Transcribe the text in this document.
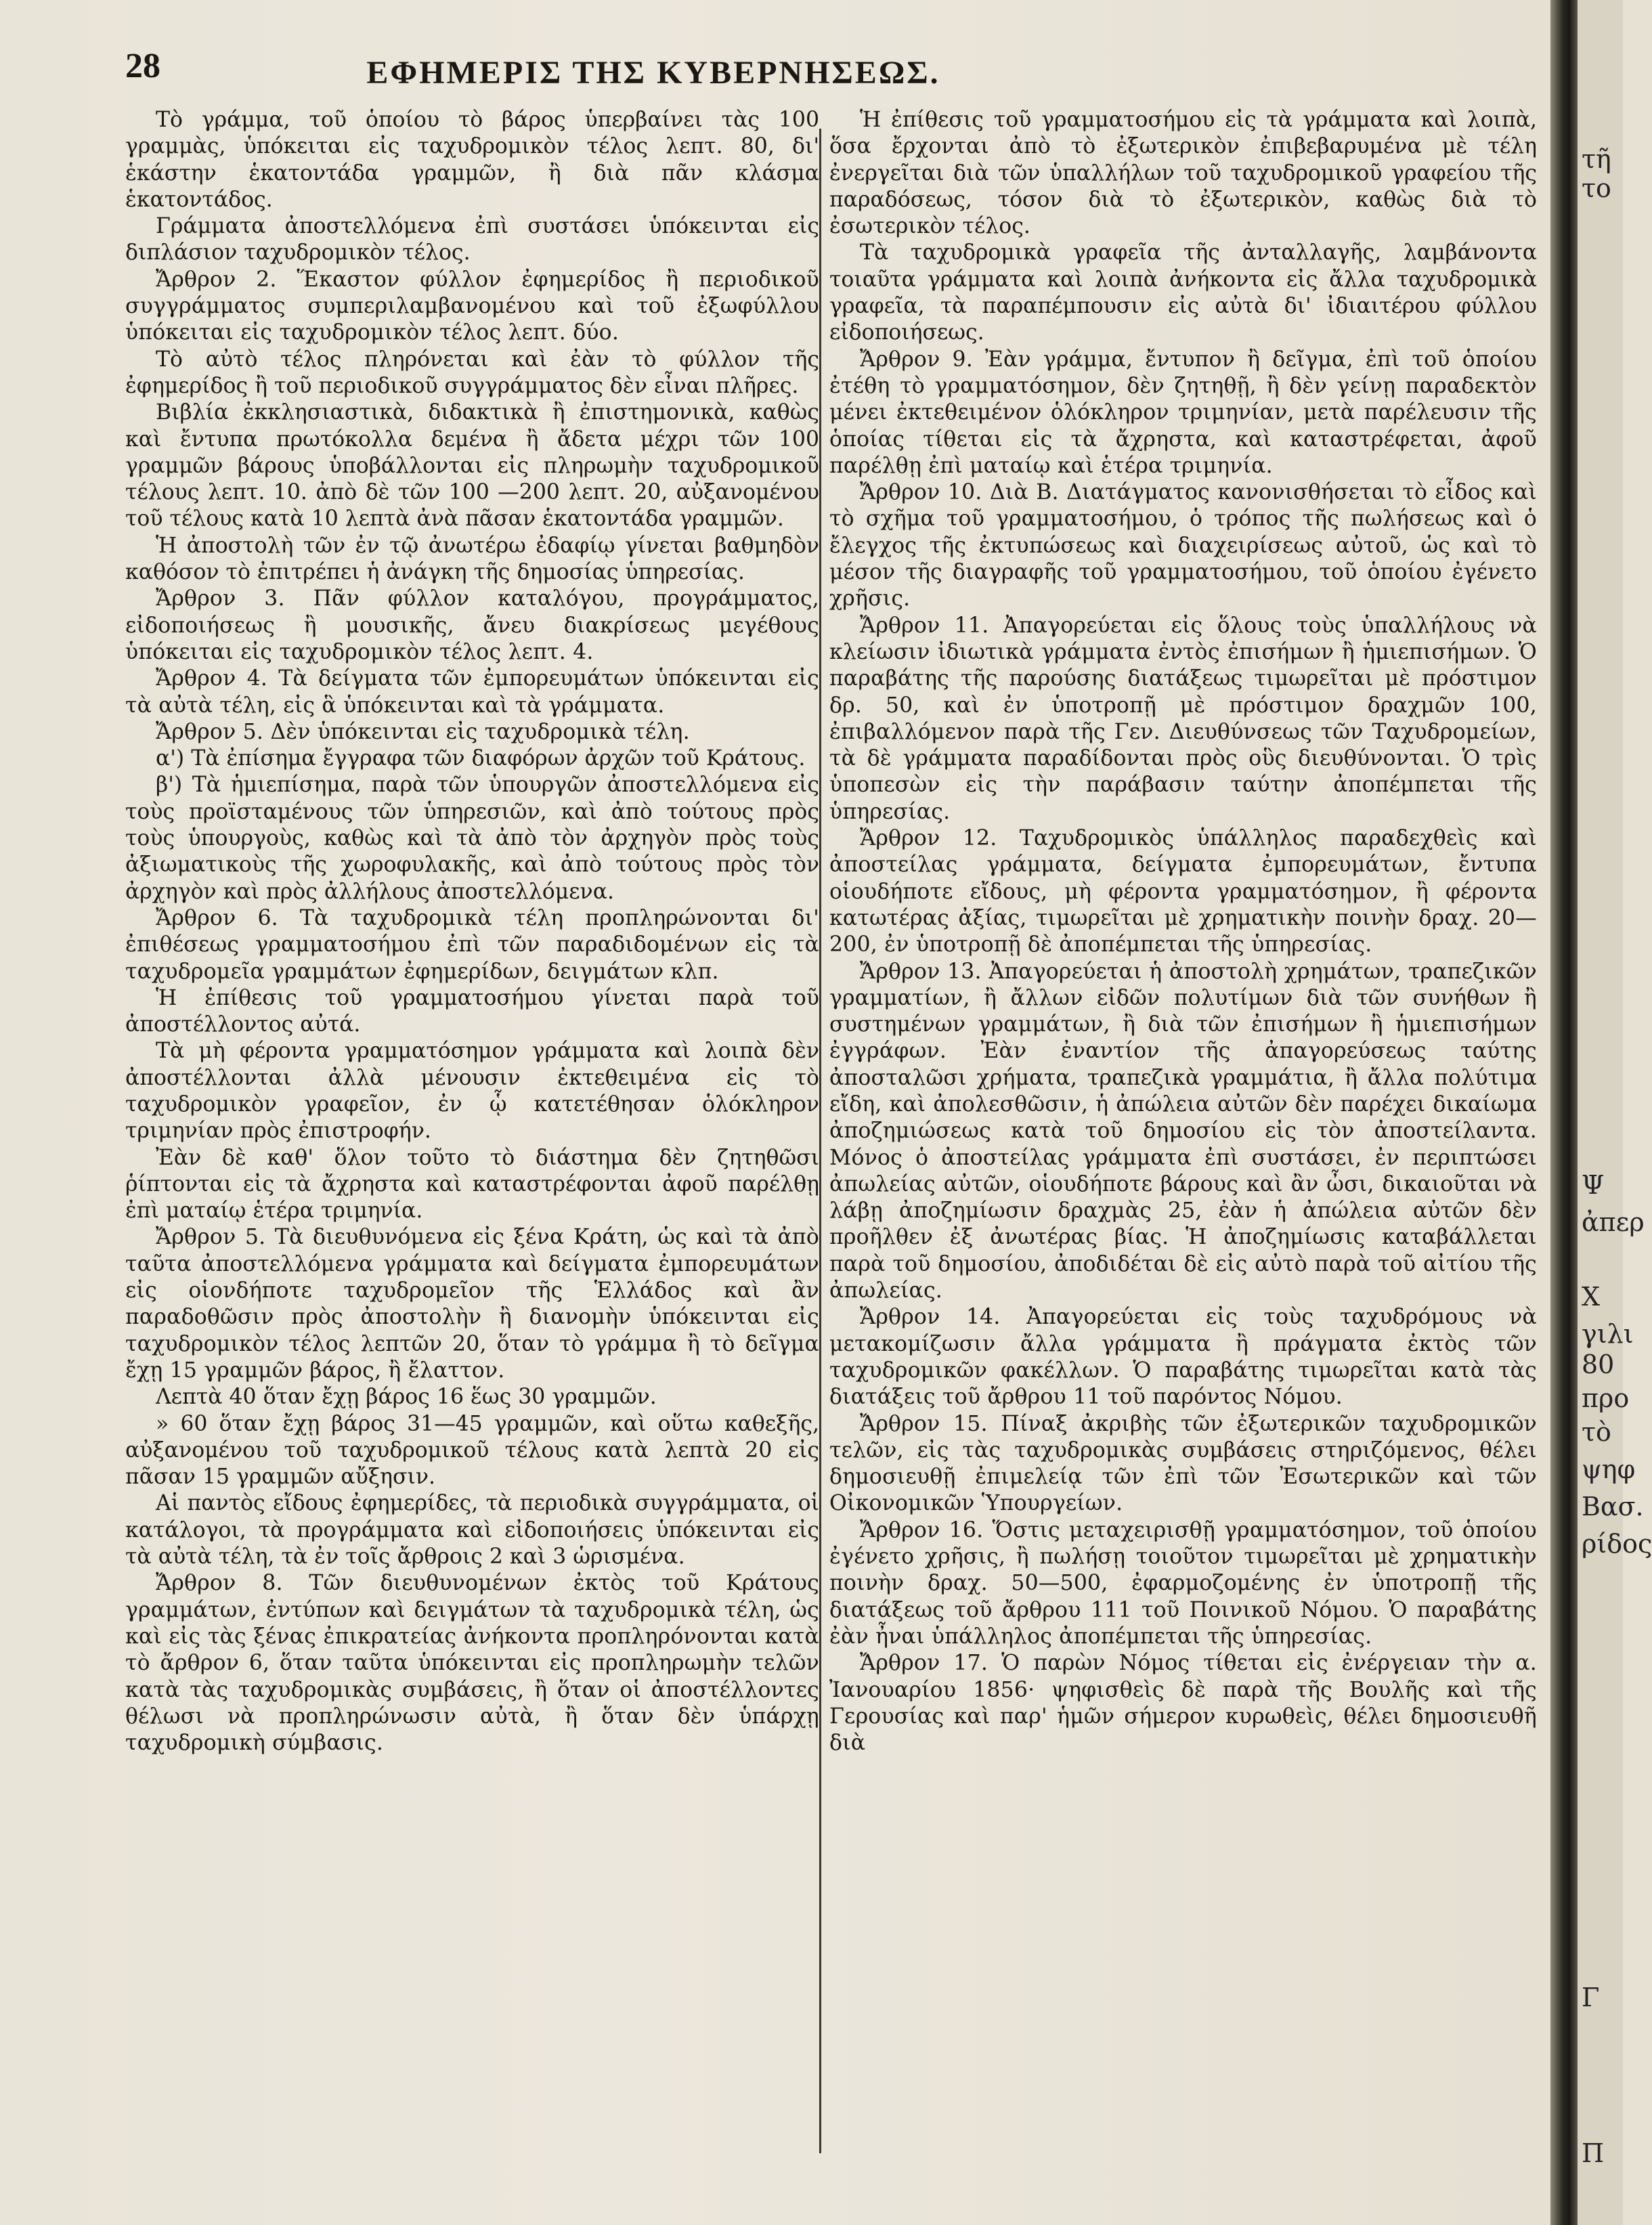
28	ΕΦΗΜΕΡΙΣ ΤΗΣ ΚΥΒΕΡΝΗΣΕΩΣ.

Τὸ γράμμα, τοῦ ὁποίου τὸ βάρος ὑπερβαίνει τὰς 100 γραμμὰς, ὑπόκειται εἰς ταχυδρομικὸν τέλος λεπτ. 80, δι' ἑκάστην ἑκατοντάδα γραμμῶν, ἢ διὰ πᾶν κλάσμα ἑκατοντάδος.

Γράμματα ἀποστελλόμενα ἐπὶ συστάσει ὑπόκεινται εἰς διπλάσιον ταχυδρομικὸν τέλος.

Ἄρθρον 2. Ἕκαστον φύλλον ἐφημερίδος ἢ περιοδικοῦ συγγράμματος συμπεριλαμβανομένου καὶ τοῦ ἐξωφύλλου ὑπόκειται εἰς ταχυδρομικὸν τέλος λεπτ. δύο.

Τὸ αὐτὸ τέλος πληρόνεται καὶ ἐὰν τὸ φύλλον τῆς ἐφημερίδος ἢ τοῦ περιοδικοῦ συγγράμματος δὲν εἶναι πλῆρες.

Βιβλία ἐκκλησιαστικὰ, διδακτικὰ ἢ ἐπιστημονικὰ, καθὼς καὶ ἔντυπα πρωτόκολλα δεμένα ἢ ἄδετα μέχρι τῶν 100 γραμμῶν βάρους ὑποβάλλονται εἰς πληρωμὴν ταχυδρομικοῦ τέλους λεπτ. 10. ἀπὸ δὲ τῶν 100 —200 λεπτ. 20, αὐξανομένου τοῦ τέλους κατὰ 10 λεπτὰ ἀνὰ πᾶσαν ἑκατοντάδα γραμμῶν.

Ἡ ἀποστολὴ τῶν ἐν τῷ ἀνωτέρω ἐδαφίῳ γίνεται βαθμηδὸν καθόσον τὸ ἐπιτρέπει ἡ ἀνάγκη τῆς δημοσίας ὑπηρεσίας.

Ἄρθρον 3. Πᾶν φύλλον καταλόγου, προγράμματος, εἰδοποιήσεως ἢ μουσικῆς, ἄνευ διακρίσεως μεγέθους ὑπόκειται εἰς ταχυδρομικὸν τέλος λεπτ. 4.

Ἄρθρον 4. Τὰ δείγματα τῶν ἐμπορευμάτων ὑπόκεινται εἰς τὰ αὐτὰ τέλη, εἰς ἃ ὑπόκεινται καὶ τὰ γράμματα.

Ἄρθρον 5. Δὲν ὑπόκεινται εἰς ταχυδρομικὰ τέλη.

α') Τὰ ἐπίσημα ἔγγραφα τῶν διαφόρων ἀρχῶν τοῦ Κράτους.

β') Τὰ ἡμιεπίσημα, παρὰ τῶν ὑπουργῶν ἀποστελλόμενα εἰς τοὺς προϊσταμένους τῶν ὑπηρεσιῶν, καὶ ἀπὸ τούτους πρὸς τοὺς ὑπουργοὺς, καθὼς καὶ τὰ ἀπὸ τὸν ἀρχηγὸν πρὸς τοὺς ἀξιωματικοὺς τῆς χωροφυλακῆς, καὶ ἀπὸ τούτους πρὸς τὸν ἀρχηγὸν καὶ πρὸς ἀλλήλους ἀποστελλόμενα.

Ἄρθρον 6. Τὰ ταχυδρομικὰ τέλη προπληρώνονται δι' ἐπιθέσεως γραμματοσήμου ἐπὶ τῶν παραδιδομένων εἰς τὰ ταχυδρομεῖα γραμμάτων ἐφημερίδων, δειγμάτων κλπ.

Ἡ ἐπίθεσις τοῦ γραμματοσήμου γίνεται παρὰ τοῦ ἀποστέλλοντος αὐτά.

Τὰ μὴ φέροντα γραμματόσημον γράμματα καὶ λοιπὰ δὲν ἀποστέλλονται ἀλλὰ μένουσιν ἐκτεθειμένα εἰς τὸ ταχυδρομικὸν γραφεῖον, ἐν ᾧ κατετέθησαν ὁλόκληρον τριμηνίαν πρὸς ἐπιστροφήν.

Ἐὰν δὲ καθ' ὅλον τοῦτο τὸ διάστημα δὲν ζητηθῶσι ῥίπτονται εἰς τὰ ἄχρηστα καὶ καταστρέφονται ἀφοῦ παρέλθῃ ἐπὶ ματαίῳ ἑτέρα τριμηνία.

Ἄρθρον 5. Τὰ διευθυνόμενα εἰς ξένα Κράτη, ὡς καὶ τὰ ἀπὸ ταῦτα ἀποστελλόμενα γράμματα καὶ δείγματα ἐμπορευμάτων εἰς οἱονδήποτε ταχυδρομεῖον τῆς Ἑλλάδος καὶ ἂν παραδοθῶσιν πρὸς ἀποστολὴν ἢ διανομὴν ὑπόκεινται εἰς ταχυδρομικὸν τέλος λεπτῶν 20, ὅταν τὸ γράμμα ἢ τὸ δεῖγμα ἔχῃ 15 γραμμῶν βάρος, ἢ ἔλαττον.

Λεπτὰ 40 ὅταν ἔχῃ βάρος 16 ἕως 30 γραμμῶν.

» 60 ὅταν ἔχῃ βάρος 31—45 γραμμῶν, καὶ οὕτω καθεξῆς, αὐξανομένου τοῦ ταχυδρομικοῦ τέλους κατὰ λεπτὰ 20 εἰς πᾶσαν 15 γραμμῶν αὔξησιν.

Αἱ παντὸς εἴδους ἐφημερίδες, τὰ περιοδικὰ συγγράμματα, οἱ κατάλογοι, τὰ προγράμματα καὶ εἰδοποιήσεις ὑπόκεινται εἰς τὰ αὐτὰ τέλη, τὰ ἐν τοῖς ἄρθροις 2 καὶ 3 ὡρισμένα.

Ἄρθρον 8. Τῶν διευθυνομένων ἐκτὸς τοῦ Κράτους γραμμάτων, ἐντύπων καὶ δειγμάτων τὰ ταχυδρομικὰ τέλη, ὡς καὶ εἰς τὰς ξένας ἐπικρατείας ἀνήκοντα προπληρόνονται κατὰ τὸ ἄρθρον 6, ὅταν ταῦτα ὑπόκεινται εἰς προπληρωμὴν τελῶν κατὰ τὰς ταχυδρομικὰς συμβάσεις, ἢ ὅταν οἱ ἀποστέλλοντες θέλωσι νὰ προπληρώνωσιν αὐτὰ, ἢ ὅταν δὲν ὑπάρχῃ ταχυδρομικὴ σύμβασις.

Ἡ ἐπίθεσις τοῦ γραμματοσήμου εἰς τὰ γράμματα καὶ λοιπὰ, ὅσα ἔρχονται ἀπὸ τὸ ἐξωτερικὸν ἐπιβεβαρυμένα μὲ τέλη ἐνεργεῖται διὰ τῶν ὑπαλλήλων τοῦ ταχυδρομικοῦ γραφείου τῆς παραδόσεως, τόσον διὰ τὸ ἐξωτερικὸν, καθὼς διὰ τὸ ἐσωτερικὸν τέλος.

Τὰ ταχυδρομικὰ γραφεῖα τῆς ἀνταλλαγῆς, λαμβάνοντα τοιαῦτα γράμματα καὶ λοιπὰ ἀνήκοντα εἰς ἄλλα ταχυδρομικὰ γραφεῖα, τὰ παραπέμπουσιν εἰς αὐτὰ δι' ἰδιαιτέρου φύλλου εἰδοποιήσεως.

Ἄρθρον 9. Ἐὰν γράμμα, ἔντυπον ἢ δεῖγμα, ἐπὶ τοῦ ὁποίου ἐτέθη τὸ γραμματόσημον, δὲν ζητηθῇ, ἢ δὲν γείνῃ παραδεκτὸν μένει ἐκτεθειμένον ὁλόκληρον τριμηνίαν, μετὰ παρέλευσιν τῆς ὁποίας τίθεται εἰς τὰ ἄχρηστα, καὶ καταστρέφεται, ἀφοῦ παρέλθῃ ἐπὶ ματαίῳ καὶ ἑτέρα τριμηνία.

Ἄρθρον 10. Διὰ Β. Διατάγματος κανονισθήσεται τὸ εἶδος καὶ τὸ σχῆμα τοῦ γραμματοσήμου, ὁ τρόπος τῆς πωλήσεως καὶ ὁ ἔλεγχος τῆς ἐκτυπώσεως καὶ διαχειρίσεως αὐτοῦ, ὡς καὶ τὸ μέσον τῆς διαγραφῆς τοῦ γραμματοσήμου, τοῦ ὁποίου ἐγένετο χρῆσις.

Ἄρθρον 11. Ἀπαγορεύεται εἰς ὅλους τοὺς ὑπαλλήλους νὰ κλείωσιν ἰδιωτικὰ γράμματα ἐντὸς ἐπισήμων ἢ ἡμιεπισήμων. Ὁ παραβάτης τῆς παρούσης διατάξεως τιμωρεῖται μὲ πρόστιμον δρ. 50, καὶ ἐν ὑποτροπῇ μὲ πρόστιμον δραχμῶν 100, ἐπιβαλλόμενον παρὰ τῆς Γεν. Διευθύνσεως τῶν Ταχυδρομείων, τὰ δὲ γράμματα παραδίδονται πρὸς οὓς διευθύνονται. Ὁ τρὶς ὑποπεσὼν εἰς τὴν παράβασιν ταύτην ἀποπέμπεται τῆς ὑπηρεσίας.

Ἄρθρον 12. Ταχυδρομικὸς ὑπάλληλος παραδεχθεὶς καὶ ἀποστείλας γράμματα, δείγματα ἐμπορευμάτων, ἔντυπα οἱουδήποτε εἴδους, μὴ φέροντα γραμματόσημον, ἢ φέροντα κατωτέρας ἀξίας, τιμωρεῖται μὲ χρηματικὴν ποινὴν δραχ. 20—200, ἐν ὑποτροπῇ δὲ ἀποπέμπεται τῆς ὑπηρεσίας.

Ἄρθρον 13. Ἀπαγορεύεται ἡ ἀποστολὴ χρημάτων, τραπεζικῶν γραμματίων, ἢ ἄλλων εἰδῶν πολυτίμων διὰ τῶν συνήθων ἢ συστημένων γραμμάτων, ἢ διὰ τῶν ἐπισήμων ἢ ἡμιεπισήμων ἐγγράφων. Ἐὰν ἐναντίον τῆς ἀπαγορεύσεως ταύτης ἀποσταλῶσι χρήματα, τραπεζικὰ γραμμάτια, ἢ ἄλλα πολύτιμα εἴδη, καὶ ἀπολεσθῶσιν, ἡ ἀπώλεια αὐτῶν δὲν παρέχει δικαίωμα ἀποζημιώσεως κατὰ τοῦ δημοσίου εἰς τὸν ἀποστείλαντα. Μόνος ὁ ἀποστείλας γράμματα ἐπὶ συστάσει, ἐν περιπτώσει ἀπωλείας αὐτῶν, οἱουδήποτε βάρους καὶ ἂν ὦσι, δικαιοῦται νὰ λάβῃ ἀποζημίωσιν δραχμὰς 25, ἐὰν ἡ ἀπώλεια αὐτῶν δὲν προῆλθεν ἐξ ἀνωτέρας βίας. Ἡ ἀποζημίωσις καταβάλλεται παρὰ τοῦ δημοσίου, ἀποδιδέται δὲ εἰς αὐτὸ παρὰ τοῦ αἰτίου τῆς ἀπωλείας.

Ἄρθρον 14. Ἀπαγορεύεται εἰς τοὺς ταχυδρόμους νὰ μετακομίζωσιν ἄλλα γράμματα ἢ πράγματα ἐκτὸς τῶν ταχυδρομικῶν φακέλλων. Ὁ παραβάτης τιμωρεῖται κατὰ τὰς διατάξεις τοῦ ἄρθρου 11 τοῦ παρόντος Νόμου.

Ἄρθρον 15. Πίναξ ἀκριβὴς τῶν ἐξωτερικῶν ταχυδρομικῶν τελῶν, εἰς τὰς ταχυδρομικὰς συμβάσεις στηριζόμενος, θέλει δημοσιευθῇ ἐπιμελείᾳ τῶν ἐπὶ τῶν Ἐσωτερικῶν καὶ τῶν Οἰκονομικῶν Ὑπουργείων.

Ἄρθρον 16. Ὅστις μεταχειρισθῇ γραμματόσημον, τοῦ ὁποίου ἐγένετο χρῆσις, ἢ πωλήσῃ τοιοῦτον τιμωρεῖται μὲ χρηματικὴν ποινὴν δραχ. 50—500, ἐφαρμοζομένης ἐν ὑποτροπῇ τῆς διατάξεως τοῦ ἄρθρου 111 τοῦ Ποινικοῦ Νόμου. Ὁ παραβάτης ἐὰν ἦναι ὑπάλληλος ἀποπέμπεται τῆς ὑπηρεσίας.

Ἄρθρον 17. Ὁ παρὼν Νόμος τίθεται εἰς ἐνέργειαν τὴν α. Ἰανουαρίου 1856· ψηφισθεὶς δὲ παρὰ τῆς Βουλῆς καὶ τῆς Γερουσίας καὶ παρ' ἡμῶν σήμερον κυρωθεὶς, θέλει δημοσιευθῆ διὰ

τῆ
το
Ψ
ἀπερ
Χ
γιλι
80
προ
τὸ
ψηφ
Βασ.
ρίδος
Γ
Π
